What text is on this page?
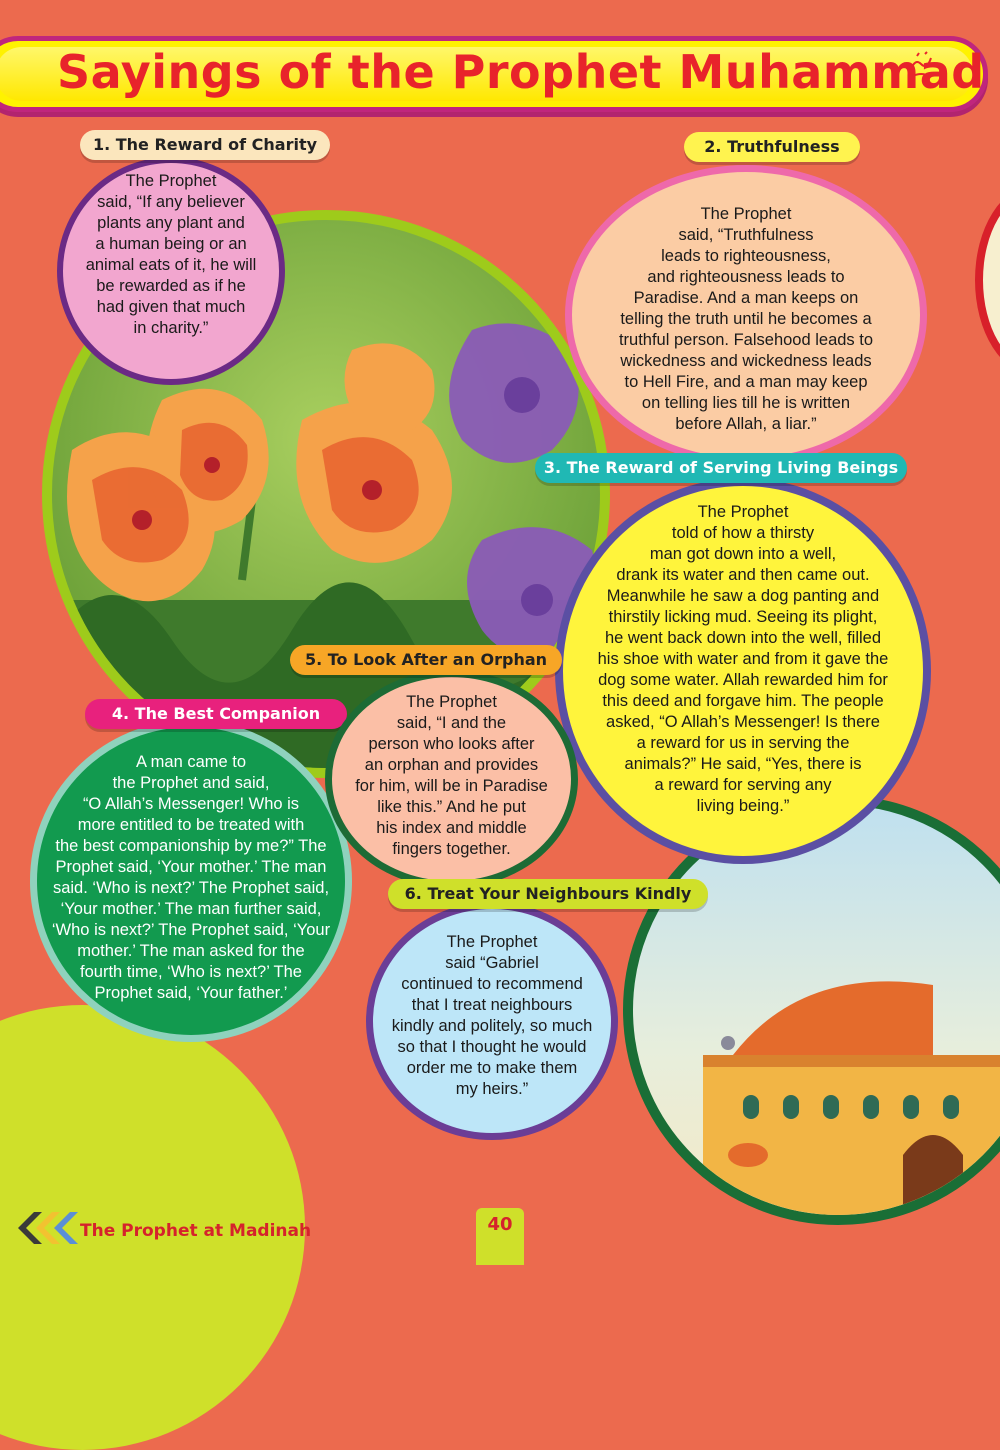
Sayings of the Prophet Muhammad
The Prophet
said, “If any believer
plants any plant and
a human being or an
animal eats of it, he will
be rewarded as if he
had given that much
in charity.”
1. The Reward of Charity
The Prophet
said, “Truthfulness
leads to righteousness,
and righteousness leads to
Paradise. And a man keeps on
telling the truth until he becomes a
truthful person. Falsehood leads to
wickedness and wickedness leads
to Hell Fire, and a man may keep
on telling lies till he is written
before Allah, a liar.”
2. Truthfulness
The Prophet
told of how a thirsty
man got down into a well,
drank its water and then came out.
Meanwhile he saw a dog panting and
thirstily licking mud. Seeing its plight,
he went back down into the well, filled
his shoe with water and from it gave the
dog some water. Allah rewarded him for
this deed and forgave him. The people
asked, “O Allah’s Messenger! Is there
a reward for us in serving the
animals?” He said, “Yes, there is
a reward for serving any
living being.”
3. The Reward of Serving Living Beings
A man came to
the Prophet and said,
“O Allah’s Messenger! Who is
more entitled to be treated with
the best companionship by me?” The
Prophet said, ‘Your mother.’ The man
said. ‘Who is next?’ The Prophet said,
‘Your mother.’ The man further said,
‘Who is next?’ The Prophet said, ‘Your
mother.’ The man asked for the
fourth time, ‘Who is next?’ The
Prophet said, ‘Your father.’
4. The Best Companion
The Prophet
said, “I and the
person who looks after
an orphan and provides
for him, will be in Paradise
like this.” And he put
his index and middle
fingers together.
5. To Look After an Orphan
The Prophet
said “Gabriel
continued to recommend
that I treat neighbours
kindly and politely, so much
so that I thought he would
order me to make them
my heirs.”
6. Treat Your Neighbours Kindly
The Prophet at Madinah	40
